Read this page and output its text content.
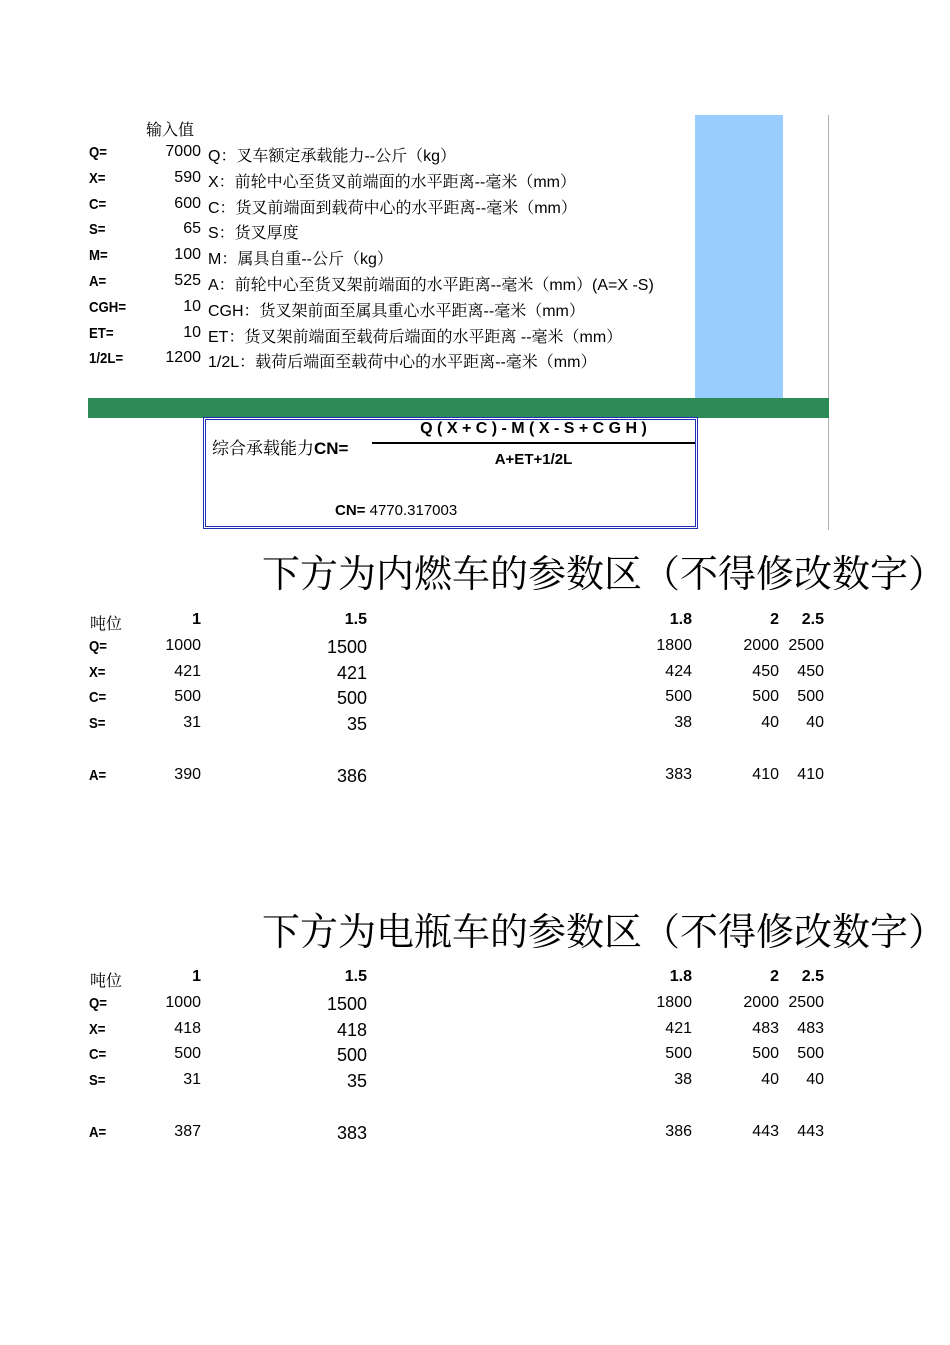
输入值
Q=	7000 Q：叉车额定承载能力--公斤（kg）
X=	590 X：前轮中心至货叉前端面的水平距离--毫米（mm）
C=	600 C：货叉前端面到载荷中心的水平距离--毫米（mm）
S=	65 S：货叉厚度
M=	100 M：属具自重--公斤（kg）
A=	525 A：前轮中心至货叉架前端面的水平距离--毫米（mm）(A=X -S)
CGH=	10 CGH：货叉架前面至属具重心水平距离--毫米（mm）
ET=	10 ET：货叉架前端面至载荷后端面的水平距离 --毫米（mm）
1/2L=	1200 1/2L：载荷后端面至载荷中心的水平距离--毫米（mm）
综合承载能力CN=
Q ( X + C ) - M ( X - S + C G H )
A+ET+1/2L
CN= 4770.317003
下方为内燃车的参数区（不得修改数字）
吨位	1	1.5	1.8	2 2.5
Q=	1000	1500	1800	2000 2500
X=	421	421	424	450 450
C=	500	500	500	500 500
S=	31	35	38	40 40
A=	390	386	383	410 410
下方为电瓶车的参数区（不得修改数字）
吨位	1	1.5	1.8	2 2.5
Q=	1000	1500	1800	2000 2500
X=	418	418	421	483 483
C=	500	500	500	500 500
S=	31	35	38	40 40
A=	387	383	386	443 443
